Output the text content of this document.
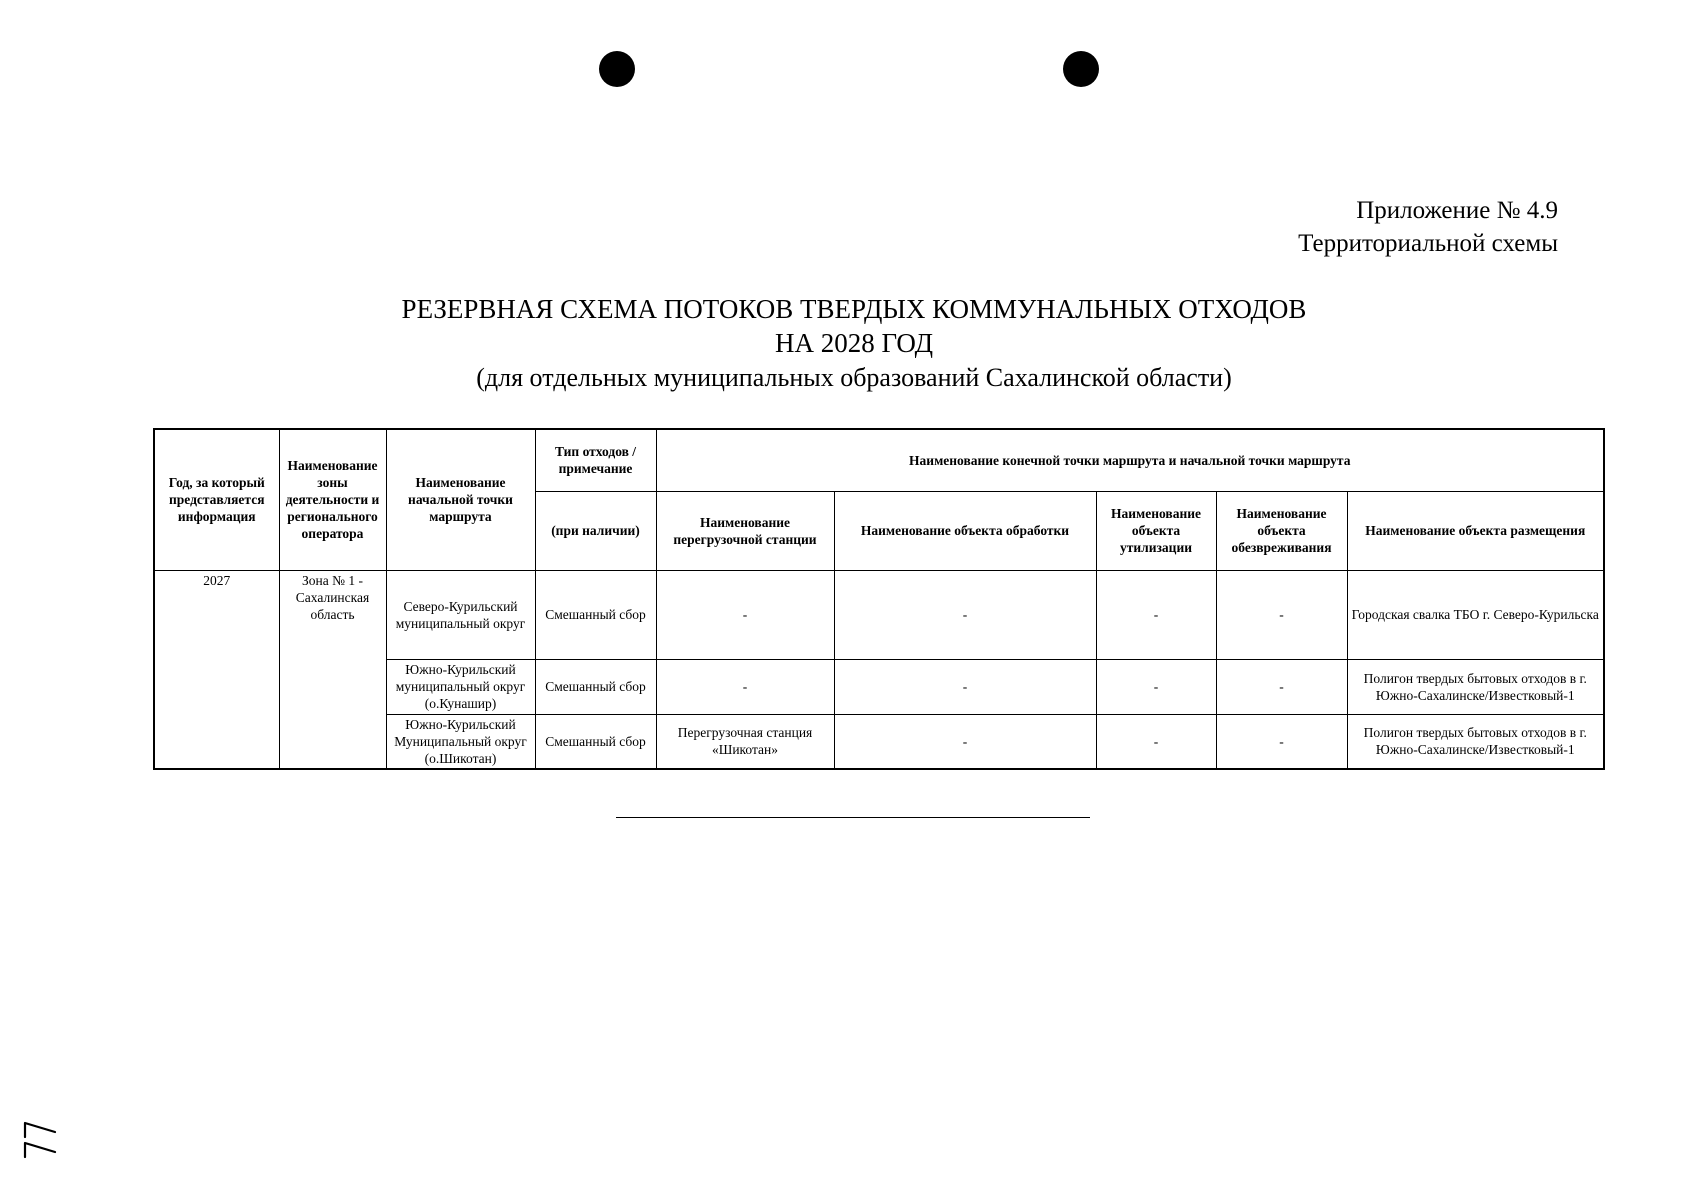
Приложение № 4.9
Территориальной схемы
РЕЗЕРВНАЯ СХЕМА ПОТОКОВ ТВЕРДЫХ КОММУНАЛЬНЫХ ОТХОДОВ
НА 2028 ГОД
(для отдельных муниципальных образований Сахалинской области)
Год, за который представляется информация	Наименование зоны деятельности и регионального оператора	Наименование начальной точки маршрута	Тип отходов / примечание	Наименование конечной точки маршрута и начальной точки маршрута				
			(при наличии)	Наименование перегрузочной станции	Наименование объекта обработки	Наименование объекта утилизации	Наименование объекта обезвреживания	Наименование объекта размещения
2027	Зона № 1 - Сахалинская область	Северо-Курильский муниципальный округ	Смешанный сбор	-	-	-	-	Городская свалка ТБО г. Северо-Курильска
		Южно-Курильский муниципальный округ (о.Кунашир)	Смешанный сбор	-	-	-	-	Полигон твердых бытовых отходов в г. Южно-Сахалинске/Известковый-1
		Южно-Курильский Муниципальный округ (о.Шикотан)	Смешанный сбор	Перегрузочная станция «Шикотан»	-	-	-	Полигон твердых бытовых отходов в г. Южно-Сахалинске/Известковый-1
